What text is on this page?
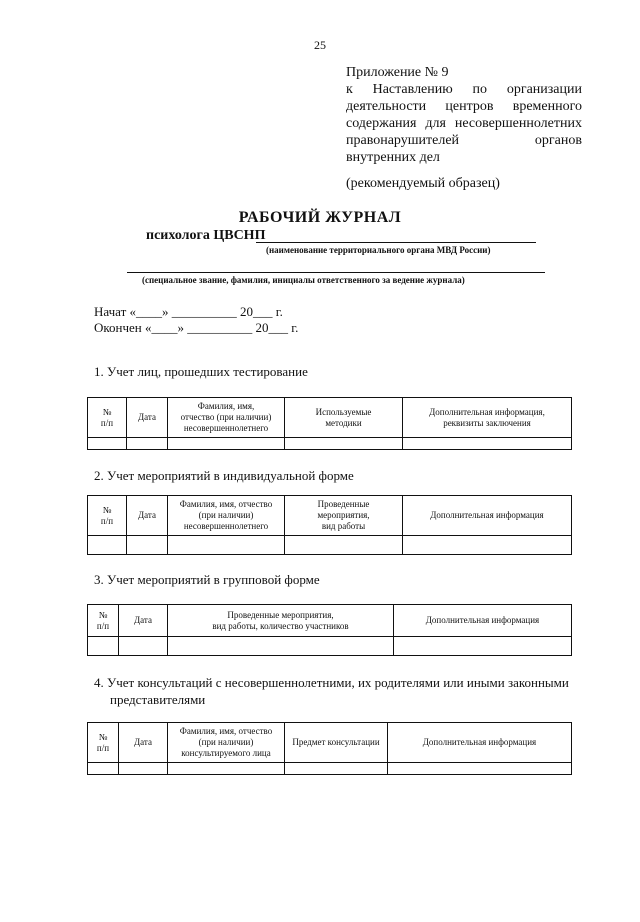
25
Приложение № 9
к Наставлению по организации
деятельности центров временного
содержания для несовершеннолетних
правонарушителей органов
внутренних дел
(рекомендуемый образец)
РАБОЧИЙ ЖУРНАЛ
психолога ЦВСНП
(наименование территориального органа МВД России)
(специальное звание, фамилия, инициалы ответственного за ведение журнала)
Начат «____» __________ 20___ г.
Окончен «____» __________ 20___ г.
1. Учет лиц, прошедших тестирование
№
п/п	Дата	Фамилия, имя,
отчество (при наличии)
несовершеннолетнего	Используемые
методики	Дополнительная информация,
реквизиты заключения

2. Учет мероприятий в индивидуальной форме
№
п/п	Дата	Фамилия, имя, отчество
(при наличии)
несовершеннолетнего	Проведенные
мероприятия,
вид работы	Дополнительная информация

3. Учет мероприятий в групповой форме
№
п/п	Дата	Проведенные мероприятия,
вид работы, количество участников	Дополнительная информация

4. Учет консультаций с несовершеннолетними, их родителями или иными законными
представителями
№
п/п	Дата	Фамилия, имя, отчество
(при наличии)
консультируемого лица	Предмет консультации	Дополнительная информация
